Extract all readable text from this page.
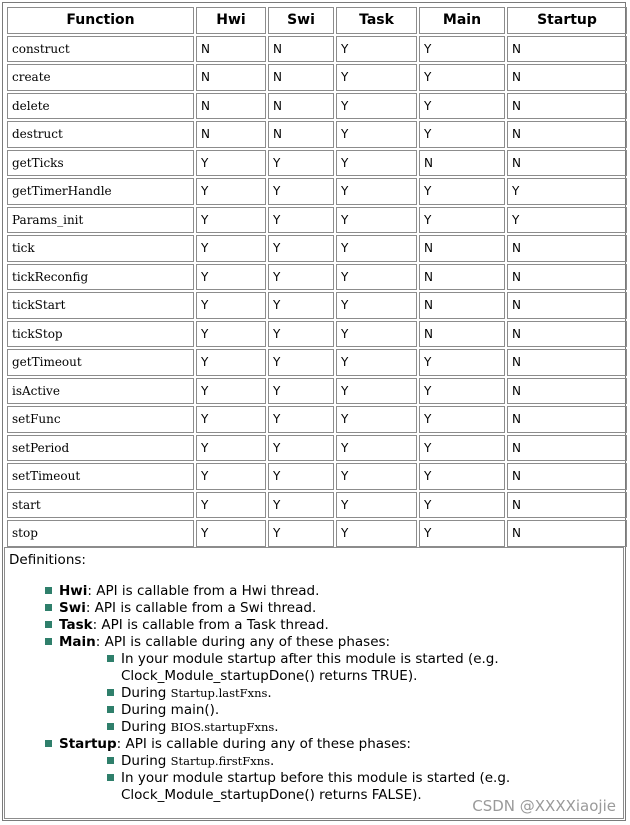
Function	Hwi	Swi	Task	Main	Startup
construct	N	N	Y	Y	N
create	N	N	Y	Y	N
delete	N	N	Y	Y	N
destruct	N	N	Y	Y	N
getTicks	Y	Y	Y	N	N
getTimerHandle	Y	Y	Y	Y	Y
Params_init	Y	Y	Y	Y	Y
tick	Y	Y	Y	N	N
tickReconfig	Y	Y	Y	N	N
tickStart	Y	Y	Y	N	N
tickStop	Y	Y	Y	N	N
getTimeout	Y	Y	Y	Y	N
isActive	Y	Y	Y	Y	N
setFunc	Y	Y	Y	Y	N
setPeriod	Y	Y	Y	Y	N
setTimeout	Y	Y	Y	Y	N
start	Y	Y	Y	Y	N
stop	Y	Y	Y	Y	N
Definitions:
Hwi: API is callable from a Hwi thread.
Swi: API is callable from a Swi thread.
Task: API is callable from a Task thread.
Main: API is callable during any of these phases:
In your module startup after this module is started (e.g. Clock_Module_startupDone() returns TRUE).
During Startup.lastFxns.
During main().
During BIOS.startupFxns.
Startup: API is callable during any of these phases:
During Startup.firstFxns.
In your module startup before this module is started (e.g. Clock_Module_startupDone() returns FALSE).
CSDN @XXXXiaojie
